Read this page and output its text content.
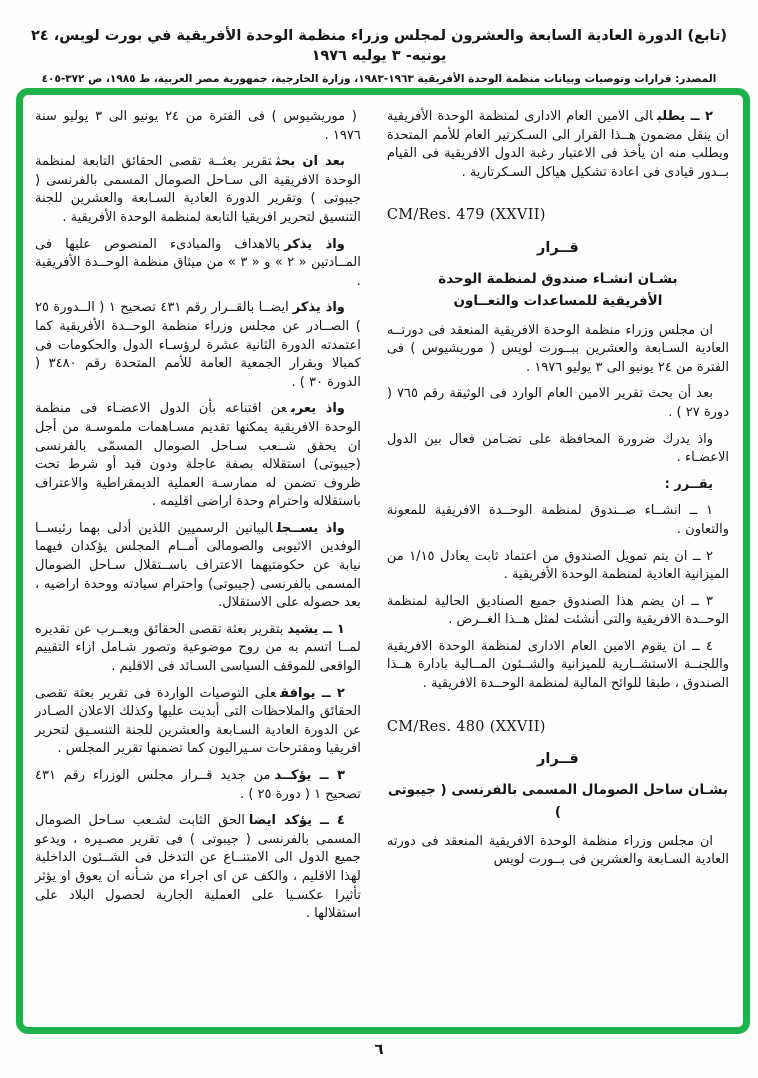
(تابع) الدورة العادية السابعة والعشرون لمجلس وزراء منظمة الوحدة الأفريقية في بورت لويس، ٢٤ يونيه- ٣ يوليه ١٩٧٦
المصدر: قرارات وتوصيات وبيانات منظمة الوحدة الأفريقية ١٩٦٣-١٩٨٣، وزارة الخارجية، جمهورية مصر العربية، ط ١٩٨٥، ص ٣٧٢-٤٠٥

٢ ــ يطلبالى الامين العام الادارى لمنظمة الوحدة الأفريقية ان ينقل مضمون هــذا القرار الى السـكرتير العام للأمم المتحدة ويطلب منه ان يأخذ فى الاعتبار رغبة الدول الافريقية فى القيام بــدور قيادى فى اعادة تشكيل هياكل السـكرتارية .

CM/Res. 479 (XXVII)
قــرار
بشـان انشـاء صندوق لمنظمة الوحدة
الأفريقية للمساعدات والتعــاون

ان مجلس وزراء منظمة الوحدة الافريقية المنعقد فى دورتــه العادية السـابعة والعشرين ببــورت لويس ( موريشيوس ) فى الفترة من ٢٤ يونيو الى ٣ يوليو ١٩٧٦ .

بعد أن بحث تقرير الامين العام الوارد فى الوثيقة رقم ٧٦٥ ( دورة ٢٧ ) .

واذ يدرك ضرورة المحافظة على تضـامن فعال بين الدول الاعضـاء .

يقــرر :

١ ــ انشــاء صــندوق لمنظمة الوحــدة الافريقية للمعونة والتعاون .

٢ ــ ان يتم تمويل الصندوق من اعتماد ثابت يعادل ١/١٥ من الميزانية العادية لمنظمة الوحدة الأفريقية .

٣ ــ ان يضم هذا الصندوق جميع الصناديق الحالية لمنظمة الوحــدة الافريقية والتى أنشئت لمثل هــذا الغــرض .

٤ ــ ان يقوم الامين العام الادارى لمنظمة الوحدة الافريقية واللجنــة الاستشــارية للميزانية والشــئون المــالية بادارة هــذا الصندوق ، طبقا للوائح المالية لمنظمة الوحــدة الافريقية .

CM/Res. 480 (XXVII)
قــرار
بشـان ساحل الصومال المسمى بالفرنسى ( جيبوتى )

ان مجلس وزراء منظمة الوحدة الافريقية المنعقد فى دورته العادية السـابعة والعشرين فى بــورت لويس

( موريشيوس ) فى الفترة من ٢٤ يونيو الى ٣ يوليو سنة ١٩٧٦ .

بعد ان بحثتقرير بعثــة تقصى الحقائق التابعة لمنظمة الوحدة الافريقية الى سـاحل الصومال المسمى بالفرنسى ( جيبوتى ) وتقرير الدورة العادية السـابعة والعشرين للجنة التنسيق لتحرير افريقيا التابعة لمنظمة الوحدة الأفريقية .

واذ يذكربالاهداف والمبادىء المنصوص عليها فى المــادتين « ٢ » و « ٣ » من ميثاق منظمة الوحــدة الأفريقية .

واذ يذكرايضــا بالقــرار رقم ٤٣١ تصحيح ١ ( الــدورة ٢٥ ) الصــادر عن مجلس وزراء منظمة الوحــدة الأفريقية كما اعتمدته الدورة الثانية عشرة لرؤسـاء الدول والحكومات فى كمبالا وبقرار الجمعية العامة للأمم المتحدة رقم ٣٤٨٠ ( الدورة ٣٠ ) .

واذ يعربعن اقتناعه بأن الدول الاعضـاء فى منظمة الوحدة الافريقية يمكنها تقديم مسـاهمات ملموسـة من أجل ان يحقق شــعب سـاحل الصومال المسمّى بالفرنسى (جيبوتى) استقلاله بصفة عاجلة ودون قيد أو شرط تحت ظروف تضمن له ممارسـة العملية الديمقراطية والاعتراف باستقلاله واحترام وحدة اراضى اقليمه .

واذ يســجلالبيانين الرسميين اللذين أدلى بهما رئيســا الوفدين الاثيوبى والصومالى أمــام المجلس يؤكدان فيهما نيابة عن حكومتيهما الاعتراف باســتقلال سـاحل الصومال المسمى بالفرنسى (جيبوتى) واحترام سيادته ووحدة اراضيه ، بعد حصوله على الاستقلال.

١ ــ يشيدبتقرير بعثة تقصى الحقائق ويعــرب عن تقديره لمــا اتسم به من روح موضوعية وتصور شـامل ازاء التقييم الواقعى للموقف السياسى السـائد فى الاقليم .

٢ ــ يوافقعلى التوصيات الواردة فى تقرير بعثة تقصى الحقائق والملاحظات التى أبديت عليها وكذلك الاعلان الصـادر عن الدورة العادية السـابعة والعشرين للجنة التنسـيق لتحرير افريقيا ومقترحات سـيراليون كما تضمنها تقرير المجلس .

٣ ــ يؤكــدمن جديد قــرار مجلس الوزراء رقم ٤٣١ تصحيح ١ ( دورة ٢٥ ) .

٤ ــ يؤكد ايضاالحق الثابت لشـعب سـاحل الصومال المسمى بالفرنسى ( جيبوتى ) فى تقرير مصـيره ، ويدعو جميع الدول الى الامتنــاع عن التدخل فى الشــئون الداخلية لهذا الاقليم ، والكف عن اى اجراء من شـأنه ان يعوق او يؤثر تأثيرا عكسـيا على العملية الجارية لحصول البلاد على استقلالها .

٦
